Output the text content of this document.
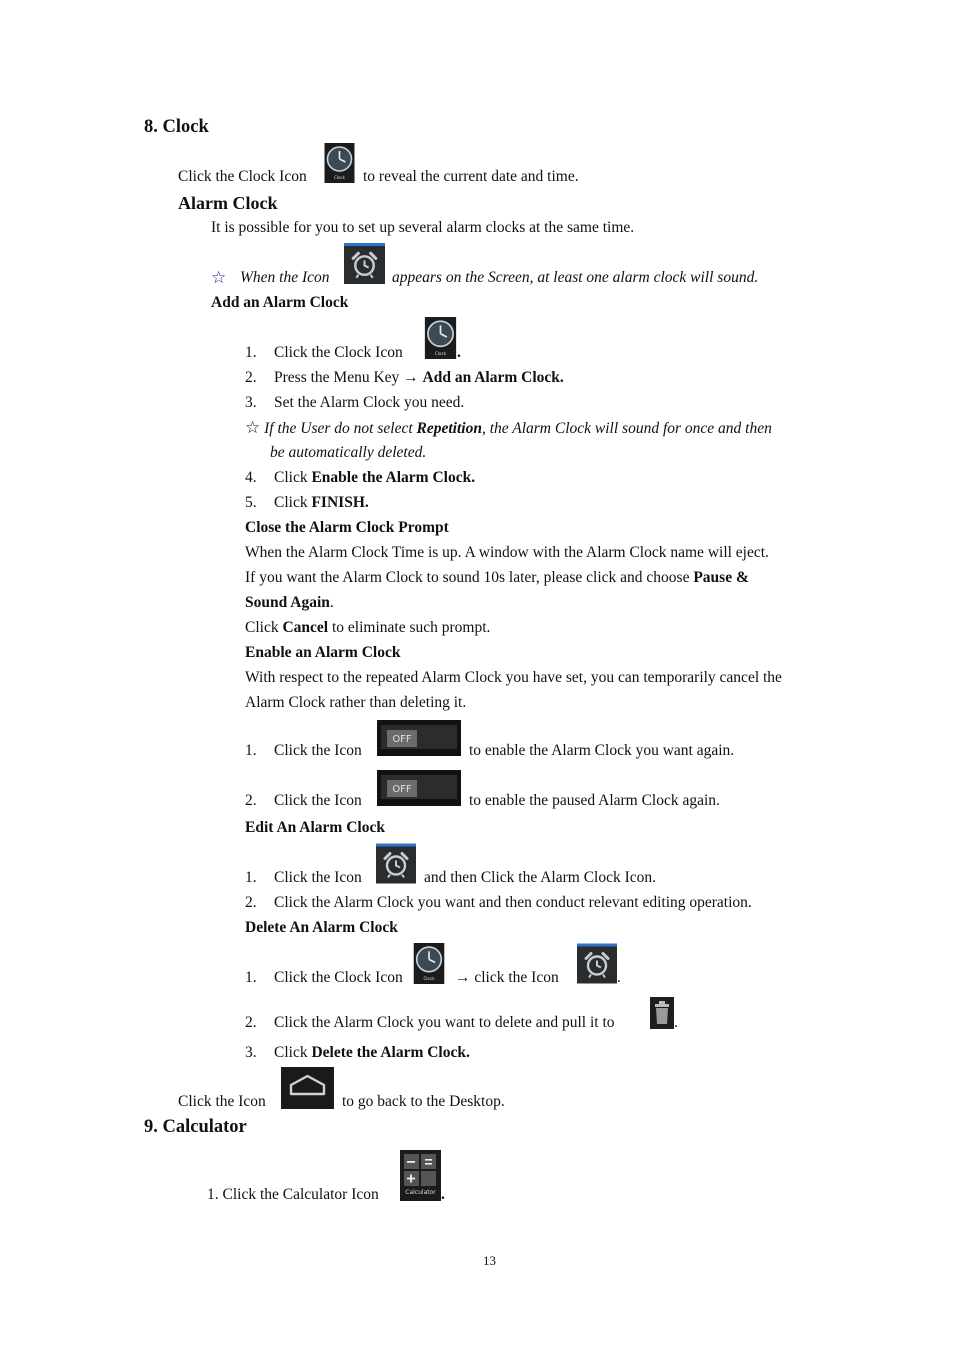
8. Clock
Click the Clock Icon	Clock to reveal the current date and time.
Alarm Clock
It is possible for you to set up several alarm clocks at the same time.
☆ When the Icon	appears on the Screen, at least one alarm clock will sound.
Add an Alarm Clock
1. Click the Clock Icon	Clock .
2. Press the Menu Key → Add an Alarm Clock.
3. Set the Alarm Clock you need.
☆ If the User do not select Repetition, the Alarm Clock will sound for once and then
be automatically deleted.
4. Click Enable the Alarm Clock.
5. Click FINISH.
Close the Alarm Clock Prompt
When the Alarm Clock Time is up. A window with the Alarm Clock name will eject.
If you want the Alarm Clock to sound 10s later, please click and choose Pause &
Sound Again.
Click Cancel to eliminate such prompt.
Enable an Alarm Clock
With respect to the repeated Alarm Clock you have set, you can temporarily cancel the
Alarm Clock rather than deleting it.
1. Click the Icon
OFF
to enable the Alarm Clock you want again.
2. Click the Icon
OFF
to enable the paused Alarm Clock again.
Edit An Alarm Clock
1. Click the Icon	and then Click the Alarm Clock Icon.
2. Click the Alarm Clock you want and then conduct relevant editing operation.
Delete An Alarm Clock
1. Click the Clock Icon	Clock → click the Icon	.
2. Click the Alarm Clock you want to delete and pull it to	.
3. Click Delete the Alarm Clock.
Click the Icon	to go back to the Desktop.
9. Calculator
1. Click the Calculator Icon	Calculator .
13
